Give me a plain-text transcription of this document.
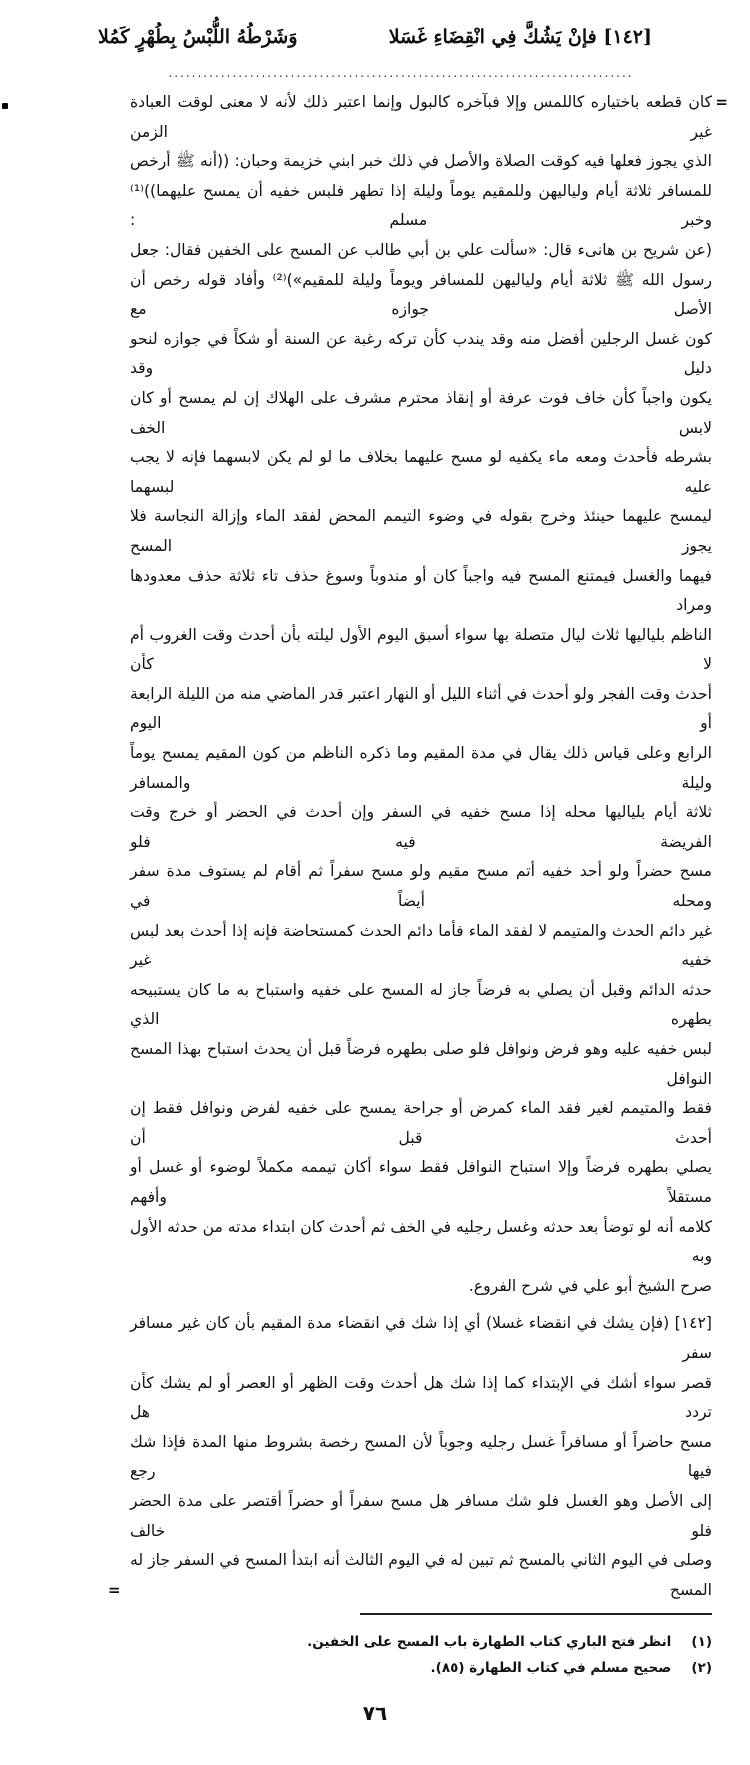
[١٤٢] فإنْ يَشُكَّ فِي انْقِضَاءِ غَسَلا
وَشَرْطُهُ اللُّبْسُ بِطُهْرٍ كَمُلا
................................................................................
=
كان قطعه باختياره كاللمس وإلا فبآخره كالبول وإنما اعتبر ذلك لأنه لا معنى لوقت العبادة غير الزمن
الذي يجوز فعلها فيه كوقت الصلاة والأصل في ذلك خبر ابني خزيمة وحبان: ((أنه ﷺ أرخص
للمسافر ثلاثة أيام ولياليهن وللمقيم يوماً وليلة إذا تطهر فلبس خفيه أن يمسح عليهما))⁽¹⁾ وخبر مسلم :
(عن شريح بن هانىء قال: «سألت علي بن أبي طالب عن المسح على الخفين فقال: جعل
رسول الله ﷺ ثلاثة أيام ولياليهن للمسافر ويوماً وليلة للمقيم»)⁽²⁾ وأفاد قوله رخص أن الأصل جوازه مع
كون غسل الرجلين أفضل منه وقد يندب كأن تركه رغبة عن السنة أو شكاً في جوازه لنحو دليل وقد
يكون واجباً كأن خاف فوت عرفة أو إنقاذ محترم مشرف على الهلاك إن لم يمسح أو كان لابس الخف
بشرطه فأحدث ومعه ماء يكفيه لو مسح عليهما بخلاف ما لو لم يكن لابسهما فإنه لا يجب عليه لبسهما
ليمسح عليهما حينئذ وخرج بقوله في وضوء التيمم المحض لفقد الماء وإزالة النجاسة فلا يجوز المسح
فيهما والغسل فيمتنع المسح فيه واجباً كان أو مندوباً وسوغ حذف تاء ثلاثة حذف معدودها ومراد
الناظم بلياليها ثلاث ليال متصلة بها سواء أسبق اليوم الأول ليلته بأن أحدث وقت الغروب أم لا كأن
أحدث وقت الفجر ولو أحدث في أثناء الليل أو النهار اعتبر قدر الماضي منه من الليلة الرابعة أو اليوم
الرابع وعلى قياس ذلك يقال في مدة المقيم وما ذكره الناظم من كون المقيم يمسح يوماً وليلة والمسافر
ثلاثة أيام بلياليها محله إذا مسح خفيه في السفر وإن أحدث في الحضر أو خرج وقت الفريضة فيه فلو
مسح حضراً ولو أحد خفيه أتم مسح مقيم ولو مسح سفراً ثم أقام لم يستوف مدة سفر ومحله أيضاً في
غير دائم الحدث والمتيمم لا لفقد الماء فأما دائم الحدث كمستحاضة فإنه إذا أحدث بعد لبس خفيه غير
حدثه الدائم وقبل أن يصلي به فرضاً جاز له المسح على خفيه واستباح به ما كان يستبيحه بطهره الذي
لبس خفيه عليه وهو فرض ونوافل فلو صلى بطهره فرضاً قبل أن يحدث استباح بهذا المسح النوافل
فقط والمتيمم لغير فقد الماء كمرض أو جراحة يمسح على خفيه لفرض ونوافل فقط إن أحدث قبل أن
يصلي بطهره فرضاً وإلا استباح النوافل فقط سواء أكان تيممه مكملاً لوضوء أو غسل أو مستقلاً وأفهم
كلامه أنه لو توضأ بعد حدثه وغسل رجليه في الخف ثم أحدث كان ابتداء مدته من حدثه الأول وبه
صرح الشيخ أبو علي في شرح الفروع.
=
[١٤٢] (فإن يشك في انقضاء غسلا) أي إذا شك في انقضاء مدة المقيم بأن كان غير مسافر سفر
قصر سواء أشك في الإبتداء كما إذا شك هل أحدث وقت الظهر أو العصر أو لم يشك كأن تردد هل
مسح حاضراً أو مسافراً غسل رجليه وجوباً لأن المسح رخصة بشروط منها المدة فإذا شك فيها رجع
إلى الأصل وهو الغسل فلو شك مسافر هل مسح سفراً أو حضراً أقتصر على مدة الحضر فلو خالف
وصلى في اليوم الثاني بالمسح ثم تبين له في اليوم الثالث أنه ابتدأ المسح في السفر جاز له المسح
(١) انظر فتح الباري كتاب الطهارة باب المسح على الخفين.
(٢) صحيح مسلم في كتاب الطهارة (٨٥).
٧٦
